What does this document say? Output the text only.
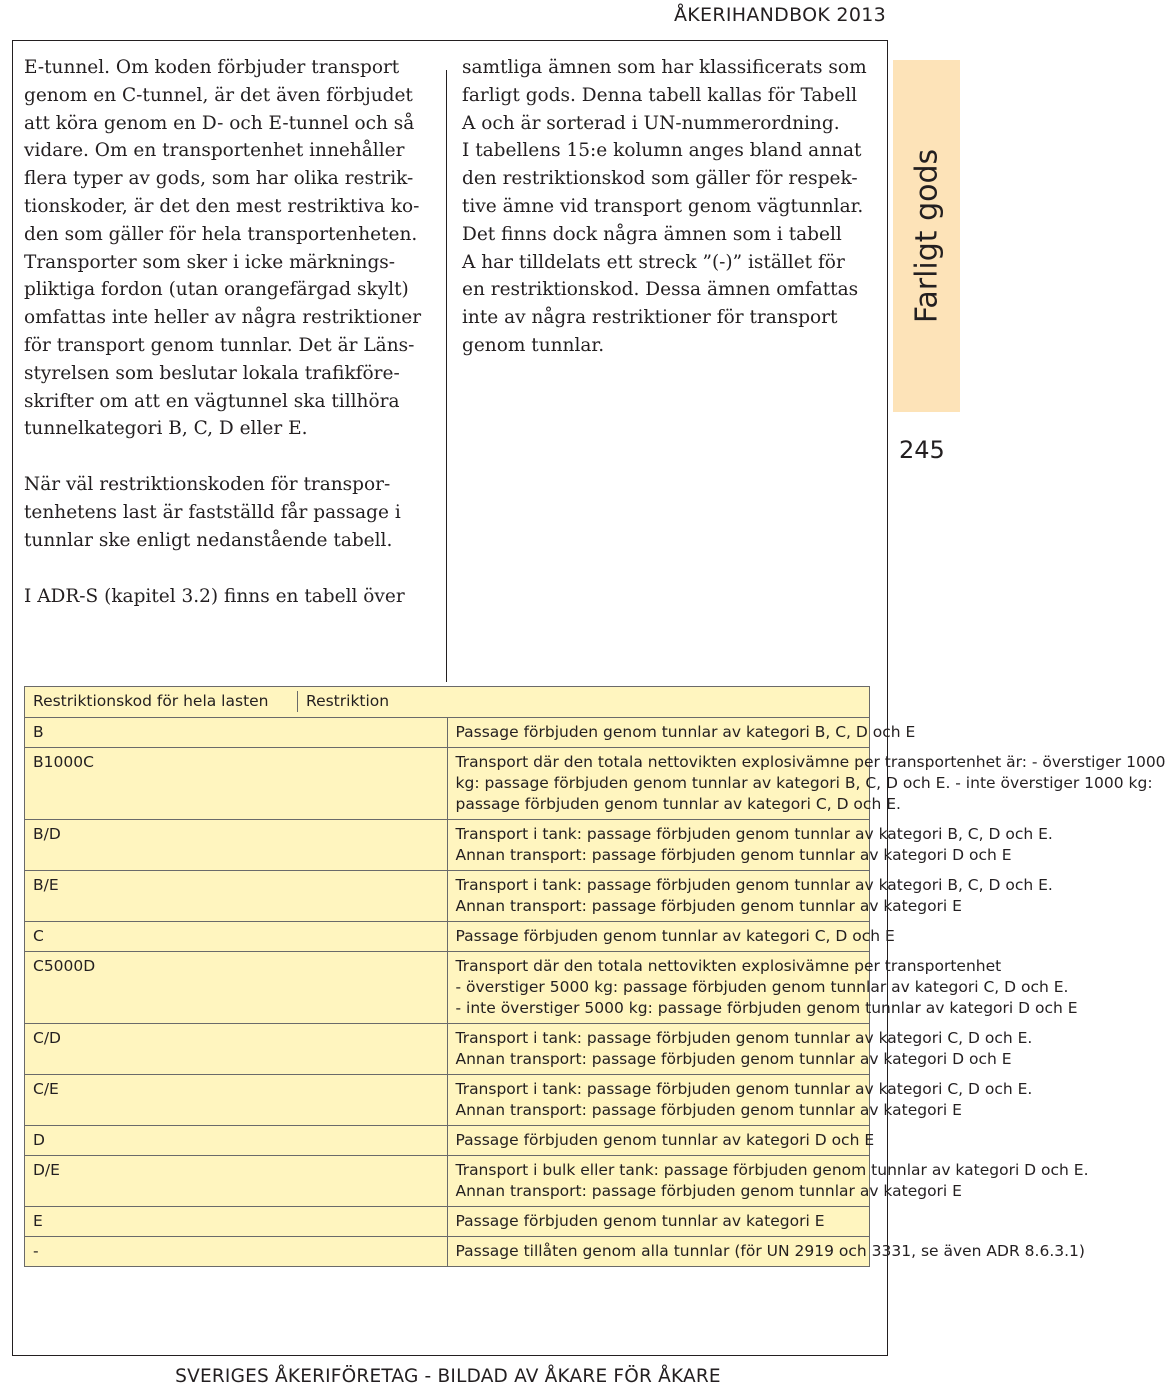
ÅKERIHANDBOK 2013

E-tunnel. Om koden förbjuder transport
genom en C-tunnel, är det även förbjudet
att köra genom en D- och E-tunnel och så
vidare. Om en transportenhet innehåller
flera typer av gods, som har olika restrik-
tionskoder, är det den mest restriktiva ko-
den som gäller för hela transportenheten.
Transporter som sker i icke märknings-
pliktiga fordon (utan orangefärgad skylt)
omfattas inte heller av några restriktioner
för transport genom tunnlar. Det är Läns-
styrelsen som beslutar lokala trafikföre-
skrifter om att en vägtunnel ska tillhöra
tunnelkategori B, C, D eller E.

När väl restriktionskoden för transpor-
tenhetens last är fastställd får passage i
tunnlar ske enligt nedanstående tabell.

I ADR-S (kapitel 3.2) finns en tabell över

samtliga ämnen som har klassificerats som
farligt gods. Denna tabell kallas för Tabell
A och är sorterad i UN-nummerordning.
I tabellens 15:e kolumn anges bland annat
den restriktionskod som gäller för respek-
tive ämne vid transport genom vägtunnlar.
Det finns dock några ämnen som i tabell
A har tilldelats ett streck ”(-)” istället för
en restriktionskod. Dessa ämnen omfattas
inte av några restriktioner för transport
genom tunnlar.

Farligt gods
245
Restriktionskod för hela lasten Restriktion	

B	Passage förbjuden genom tunnlar av kategori B, C, D och E

B1000C	Transport där den totala nettovikten explosivämne per transportenhet är: - överstiger 1000
kg: passage förbjuden genom tunnlar av kategori B, C, D och E. - inte överstiger 1000 kg:
passage förbjuden genom tunnlar av kategori C, D och E.

B/D	Transport i tank: passage förbjuden genom tunnlar av kategori B, C, D och E.
Annan transport: passage förbjuden genom tunnlar av kategori D och E

B/E	Transport i tank: passage förbjuden genom tunnlar av kategori B, C, D och E.
Annan transport: passage förbjuden genom tunnlar av kategori E

C	Passage förbjuden genom tunnlar av kategori C, D och E

C5000D	Transport där den totala nettovikten explosivämne per transportenhet
- överstiger 5000 kg: passage förbjuden genom tunnlar av kategori C, D och E.
- inte överstiger 5000 kg: passage förbjuden genom tunnlar av kategori D och E

C/D	Transport i tank: passage förbjuden genom tunnlar av kategori C, D och E.
Annan transport: passage förbjuden genom tunnlar av kategori D och E

C/E	Transport i tank: passage förbjuden genom tunnlar av kategori C, D och E.
Annan transport: passage förbjuden genom tunnlar av kategori E

D	Passage förbjuden genom tunnlar av kategori D och E

D/E	Transport i bulk eller tank: passage förbjuden genom tunnlar av kategori D och E.
Annan transport: passage förbjuden genom tunnlar av kategori E

E	Passage förbjuden genom tunnlar av kategori E

-	Passage tillåten genom alla tunnlar (för UN 2919 och 3331, se även ADR 8.6.3.1)
SVERIGES ÅKERIFÖRETAG - BILDAD AV ÅKARE FÖR ÅKARE
